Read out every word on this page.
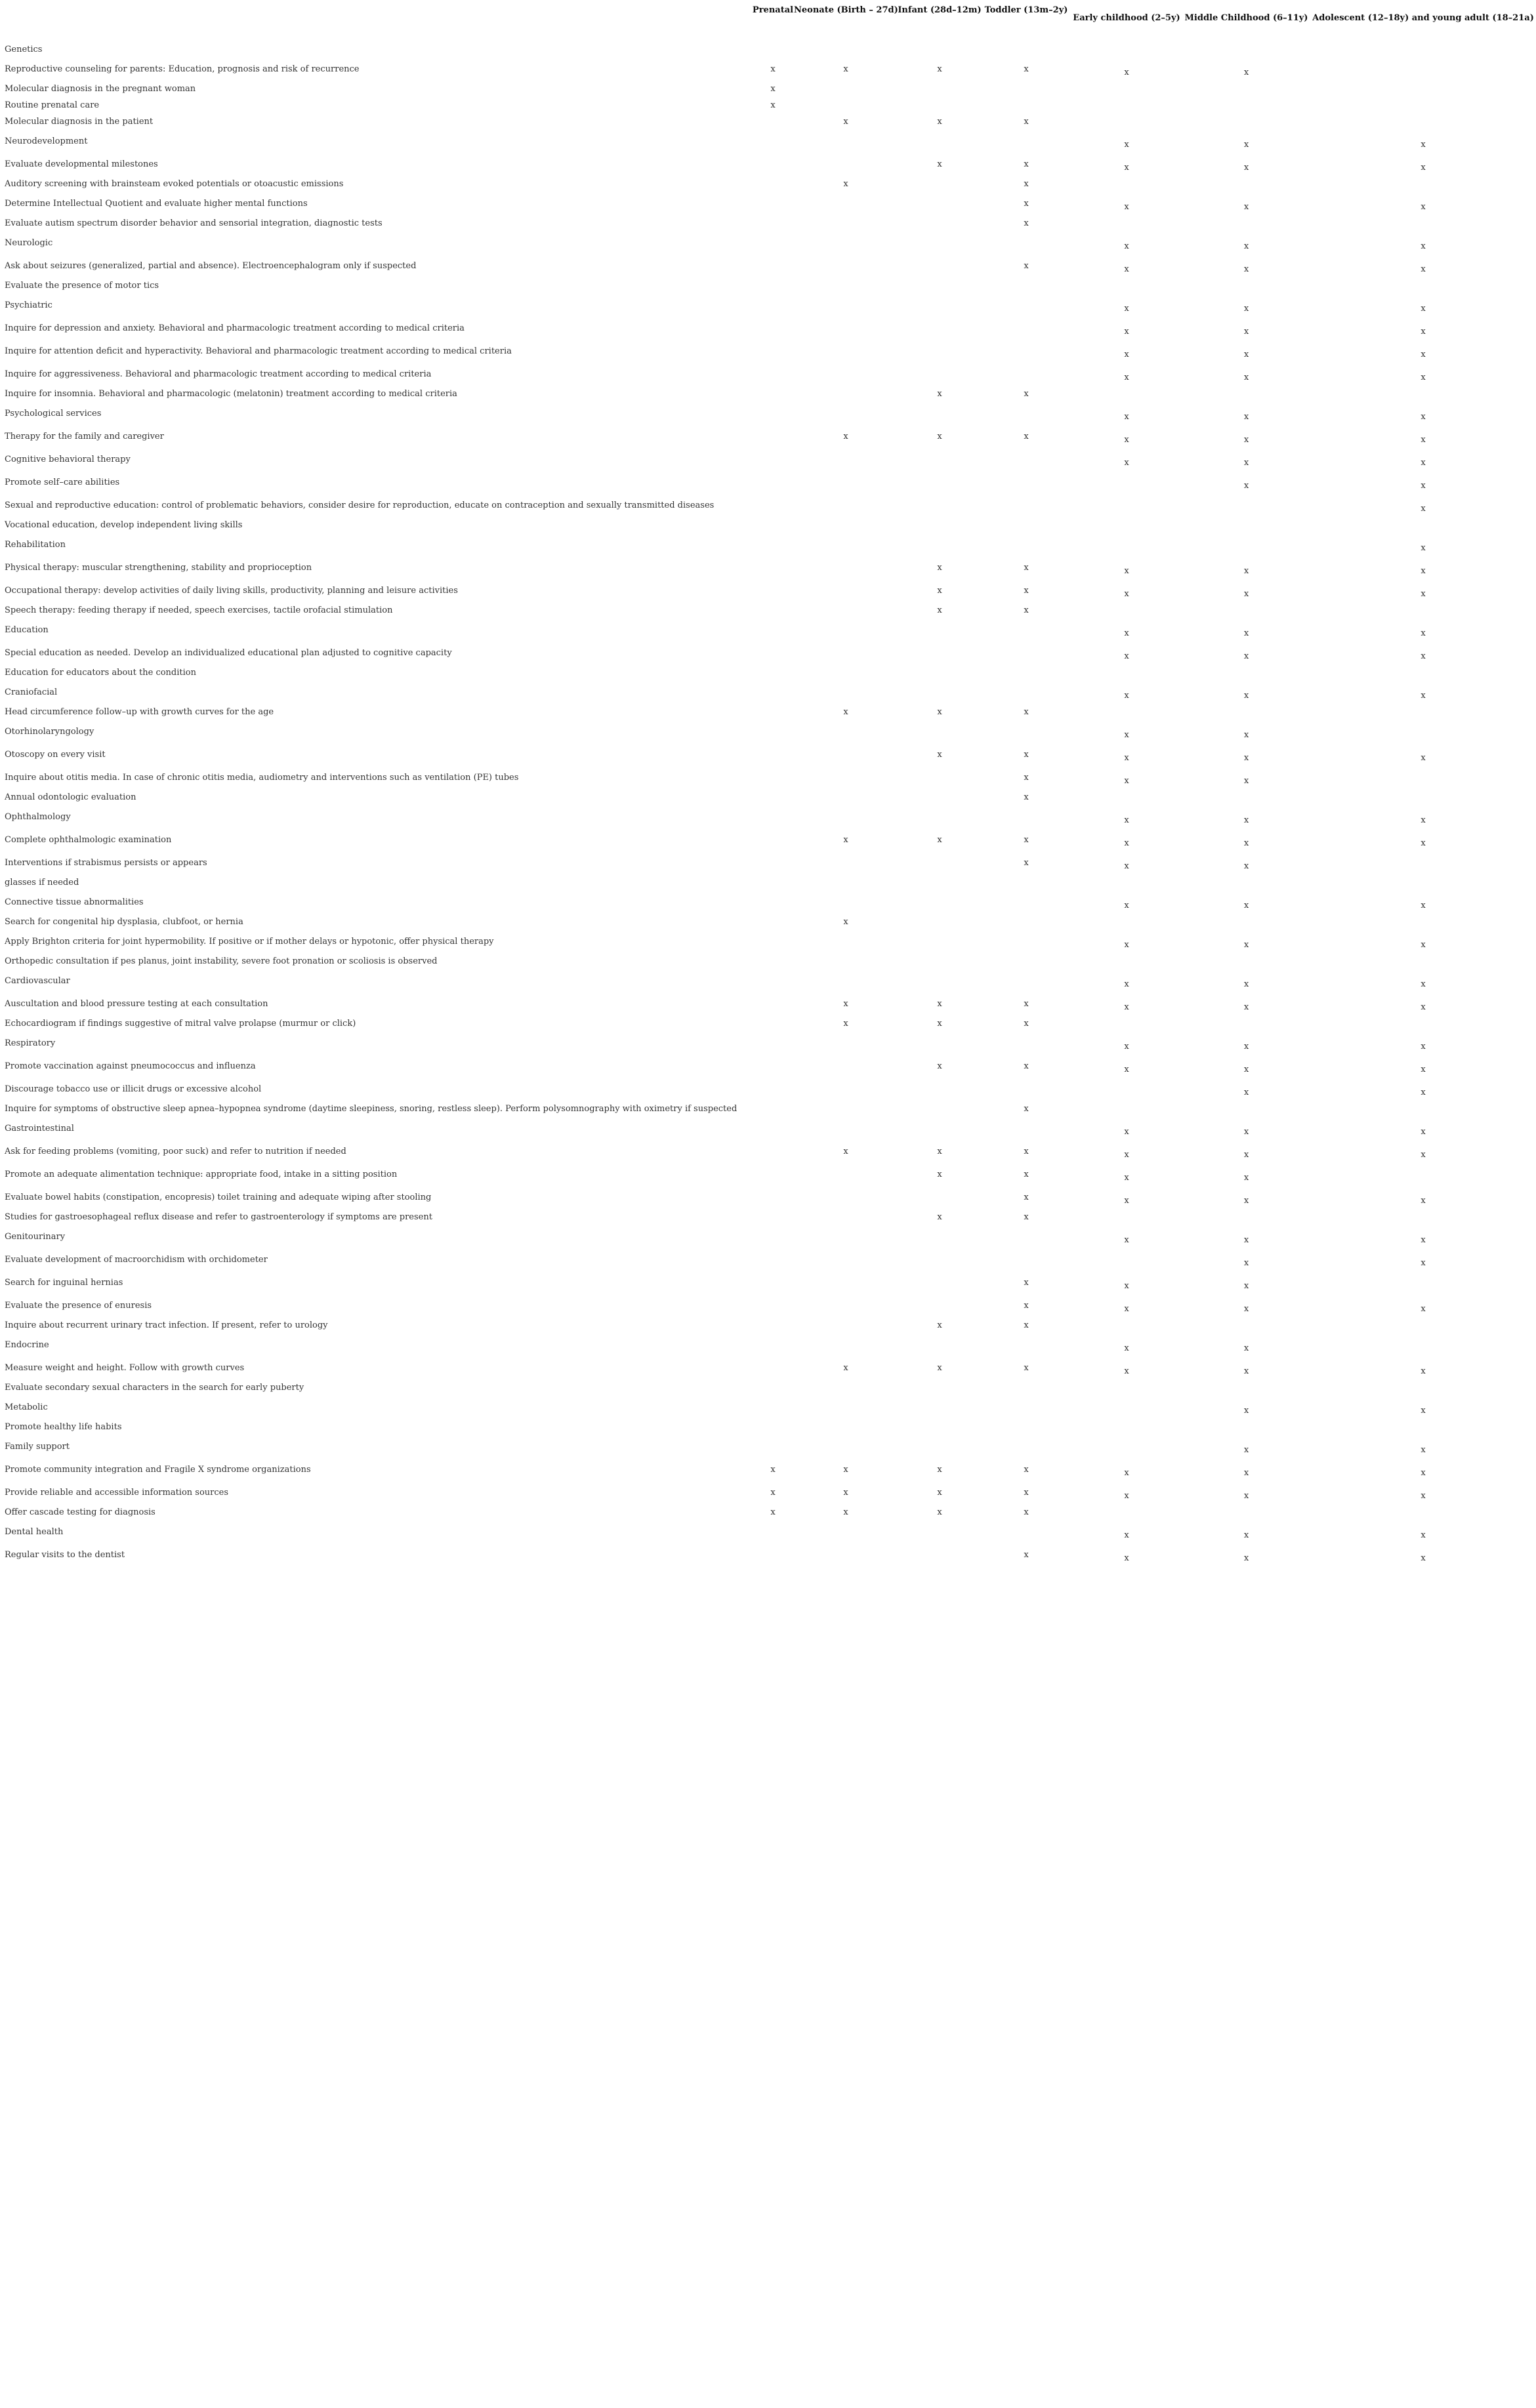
	Prenatal	Neonate (Birth – 27d)	Infant (28d–12m)	Toddler (13m–2y)	Early childhood (2–5y)	Middle Childhood (6–11y)	Adolescent (12–18y) and young adult (18–21a)
Genetics							
Reproductive counseling for parents: Education, prognosis and risk of recurrence	x	x	x	x	x	x	

Molecular diagnosis in the pregnant woman	x						
Routine prenatal care	x						
Molecular diagnosis in the patient		x	x	x			
Neurodevelopment					x	x	x

Evaluate developmental milestones			x	x	x	x	x

Auditory screening with brainsteam evoked potentials or otoacustic emissions		x		x			
Determine Intellectual Quotient and evaluate higher mental functions				x	x	x	x

Evaluate autism spectrum disorder behavior and sensorial integration, diagnostic tests				x			
Neurologic					x	x	x

Ask about seizures (generalized, partial and absence). Electroencephalogram only if suspected				x	x	x	x

Evaluate the presence of motor tics							
Psychiatric					x	x	x

Inquire for depression and anxiety. Behavioral and pharmacologic treatment according to medical criteria					x	x	x

Inquire for attention deficit and hyperactivity. Behavioral and pharmacologic treatment according to medical criteria					x	x	x

Inquire for aggressiveness. Behavioral and pharmacologic treatment according to medical criteria					x	x	x

Inquire for insomnia. Behavioral and pharmacologic (melatonin) treatment according to medical criteria			x	x			
Psychological services					x	x	x

Therapy for the family and caregiver		x	x	x	x	x	x

Cognitive behavioral therapy					x	x	x

Promote self–care abilities						x	x

Sexual and reproductive education: control of problematic behaviors, consider desire for reproduction, educate on contraception and sexually transmitted diseases							x

Vocational education, develop independent living skills							
Rehabilitation							x

Physical therapy: muscular strengthening, stability and proprioception			x	x	x	x	x

Occupational therapy: develop activities of daily living skills, productivity, planning and leisure activities			x	x	x	x	x

Speech therapy: feeding therapy if needed, speech exercises, tactile orofacial stimulation			x	x			
Education					x	x	x

Special education as needed. Develop an individualized educational plan adjusted to cognitive capacity					x	x	x

Education for educators about the condition							
Craniofacial					x	x	x

Head circumference follow–up with growth curves for the age		x	x	x			
Otorhinolaryngology					x	x	

Otoscopy on every visit			x	x	x	x	x

Inquire about otitis media. In case of chronic otitis media, audiometry and interventions such as ventilation (PE) tubes				x	x	x	

Annual odontologic evaluation				x			
Ophthalmology					x	x	x

Complete ophthalmologic examination		x	x	x	x	x	x

Interventions if strabismus persists or appears				x	x	x	

glasses if needed							
Connective tissue abnormalities					x	x	x

Search for congenital hip dysplasia, clubfoot, or hernia		x					
Apply Brighton criteria for joint hypermobility. If positive or if mother delays or hypotonic, offer physical therapy					x	x	x

Orthopedic consultation if pes planus, joint instability, severe foot pronation or scoliosis is observed							
Cardiovascular					x	x	x

Auscultation and blood pressure testing at each consultation		x	x	x	x	x	x

Echocardiogram if findings suggestive of mitral valve prolapse (murmur or click)		x	x	x			
Respiratory					x	x	x

Promote vaccination against pneumococcus and influenza			x	x	x	x	x

Discourage tobacco use or illicit drugs or excessive alcohol						x	x

Inquire for symptoms of obstructive sleep apnea–hypopnea syndrome (daytime sleepiness, snoring, restless sleep). Perform polysomnography with oximetry if suspected				x			
Gastrointestinal					x	x	x

Ask for feeding problems (vomiting, poor suck) and refer to nutrition if needed		x	x	x	x	x	x

Promote an adequate alimentation technique: appropriate food, intake in a sitting position			x	x	x	x	

Evaluate bowel habits (constipation, encopresis) toilet training and adequate wiping after stooling				x	x	x	x

Studies for gastroesophageal reflux disease and refer to gastroenterology if symptoms are present			x	x			
Genitourinary					x	x	x

Evaluate development of macroorchidism with orchidometer						x	x

Search for inguinal hernias				x	x	x	

Evaluate the presence of enuresis				x	x	x	x

Inquire about recurrent urinary tract infection. If present, refer to urology			x	x			
Endocrine					x	x	

Measure weight and height. Follow with growth curves		x	x	x	x	x	x

Evaluate secondary sexual characters in the search for early puberty							
Metabolic						x	x

Promote healthy life habits							
Family support						x	x

Promote community integration and Fragile X syndrome organizations	x	x	x	x	x	x	x

Provide reliable and accessible information sources	x	x	x	x	x	x	x

Offer cascade testing for diagnosis	x	x	x	x			
Dental health					x	x	x

Regular visits to the dentist				x	x	x	x
